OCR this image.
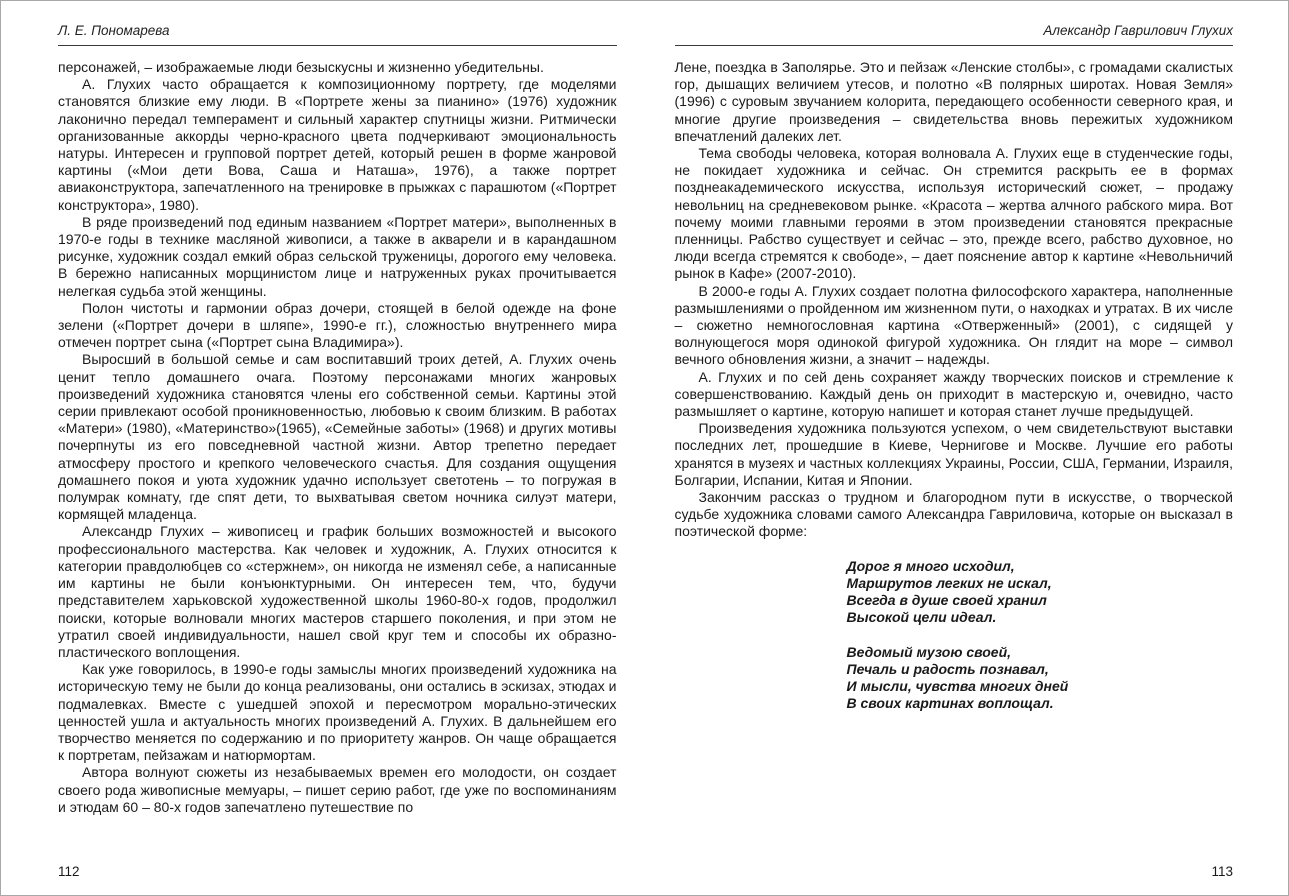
Л. Е. Пономарева

персонажей, – изображаемые люди безыскусны и жизненно убедительны.

А. Глухих часто обращается к композиционному портрету, где моделями становятся близкие ему люди. В «Портрете жены за пианино» (1976) художник лаконично передал темперамент и сильный характер спутницы жизни. Ритмически организованные аккорды черно-красного цвета подчеркивают эмоциональность натуры. Интересен и групповой портрет детей, который решен в форме жанровой картины («Мои дети Вова, Саша и Наташа», 1976), а также портрет авиаконструктора, запечатленного на тренировке в прыжках с парашютом («Портрет конструктора», 1980).

В ряде произведений под единым названием «Портрет матери», выполненных в 1970-е годы в технике масляной живописи, а также в акварели и в карандашном рисунке, художник создал емкий образ сельской труженицы, дорогого ему человека. В бережно написанных морщинистом лице и натруженных руках прочитывается нелегкая судьба этой женщины.

Полон чистоты и гармонии образ дочери, стоящей в белой одежде на фоне зелени («Портрет дочери в шляпе», 1990-е гг.), сложностью внутреннего мира отмечен портрет сына («Портрет сына Владимира»).

Выросший в большой семье и сам воспитавший троих детей, А. Глухих очень ценит тепло домашнего очага. Поэтому персонажами многих жанровых произведений художника становятся члены его собственной семьи. Картины этой серии привлекают особой проникновенностью, любовью к своим близким. В работах «Матери» (1980), «Материнство»(1965), «Семейные заботы» (1968) и других мотивы почерпнуты из его повседневной частной жизни. Автор трепетно передает атмосферу простого и крепкого человеческого счастья. Для создания ощущения домашнего покоя и уюта художник удачно использует светотень – то погружая в полумрак комнату, где спят дети, то выхватывая светом ночника силуэт матери, кормящей младенца.

Александр Глухих – живописец и график больших возможностей и высокого профессионального мастерства. Как человек и художник, А. Глухих относится к категории правдолюбцев со «стержнем», он никогда не изменял себе, а написанные им картины не были конъюнктурными. Он интересен тем, что, будучи представителем харьковской художественной школы 1960-80-х годов, продолжил поиски, которые волновали многих мастеров старшего поколения, и при этом не утратил своей индивидуальности, нашел свой круг тем и способы их образно-пластического воплощения.

Как уже говорилось, в 1990-е годы замыслы многих произведений художника на историческую тему не были до конца реализованы, они остались в эскизах, этюдах и подмалевках. Вместе с ушедшей эпохой и пересмотром морально-этических ценностей ушла и актуальность многих произведений А. Глухих. В дальнейшем его творчество меняется по содержанию и по приоритету жанров. Он чаще обращается к портретам, пейзажам и натюрмортам.

Автора волнуют сюжеты из незабываемых времен его молодости, он создает своего рода живописные мемуары, – пишет серию работ, где уже по воспоминаниям и этюдам 60 – 80-х годов запечатлено путешествие по

112
Александр Гаврилович Глухих

Лене, поездка в Заполярье. Это и пейзаж «Ленские столбы», с громадами скалистых гор, дышащих величием утесов, и полотно «В полярных широтах. Новая Земля» (1996) с суровым звучанием колорита, передающего особенности северного края, и многие другие произведения – свидетельства вновь пережитых художником впечатлений далеких лет.

Тема свободы человека, которая волновала А. Глухих еще в студенческие годы, не покидает художника и сейчас. Он стремится раскрыть ее в формах позднеакадемического искусства, используя исторический сюжет, – продажу невольниц на средневековом рынке. «Красота – жертва алчного рабского мира. Вот почему моими главными героями в этом произведении становятся прекрасные пленницы. Рабство существует и сейчас – это, прежде всего, рабство духовное, но люди всегда стремятся к свободе», – дает пояснение автор к картине «Невольничий рынок в Кафе» (2007-2010).

В 2000-е годы А. Глухих создает полотна философского характера, наполненные размышлениями о пройденном им жизненном пути, о находках и утратах. В их числе – сюжетно немногословная картина «Отверженный» (2001), с сидящей у волнующегося моря одинокой фигурой художника. Он глядит на море – символ вечного обновления жизни, а значит – надежды.

А. Глухих и по сей день сохраняет жажду творческих поисков и стремление к совершенствованию. Каждый день он приходит в мастерскую и, очевидно, часто размышляет о картине, которую напишет и которая станет лучше предыдущей.

Произведения художника пользуются успехом, о чем свидетельствуют выставки последних лет, прошедшие в Киеве, Чернигове и Москве. Лучшие его работы хранятся в музеях и частных коллекциях Украины, России, США, Германии, Израиля, Болгарии, Испании, Китая и Японии.

Закончим рассказ о трудном и благородном пути в искусстве, о творческой судьбе художника словами самого Александра Гавриловича, которые он высказал в поэтической форме:

Дорог я много исходил,
Маршрутов легких не искал,
Всегда в душе своей хранил
Высокой цели идеал.
Ведомый музою своей,
Печаль и радость познавал,
И мысли, чувства многих дней
В своих картинах воплощал.
113
